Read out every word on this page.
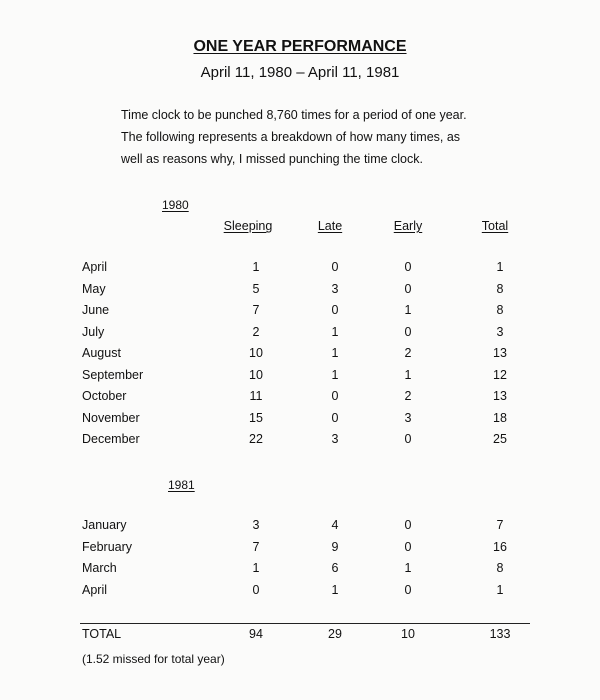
ONE YEAR PERFORMANCE
April 11, 1980 – April 11, 1981
Time clock to be punched 8,760 times for a period of one year.
The following represents a breakdown of how many times, as
well as reasons why, I missed punching the time clock.
1980
Sleeping	Late	Early	Total
April	1	0	0	1
May	5	3	0	8
June	7	0	1	8
July	2	1	0	3
August	10	1	2	13
September	10	1	1	12
October	11	0	2	13
November	15	0	3	18
December	22	3	0	25
1981
January	3	4	0	7
February	7	9	0	16
March	1	6	1	8
April	0	1	0	1
TOTAL	94	29	10	133
(1.52 missed for total year)
